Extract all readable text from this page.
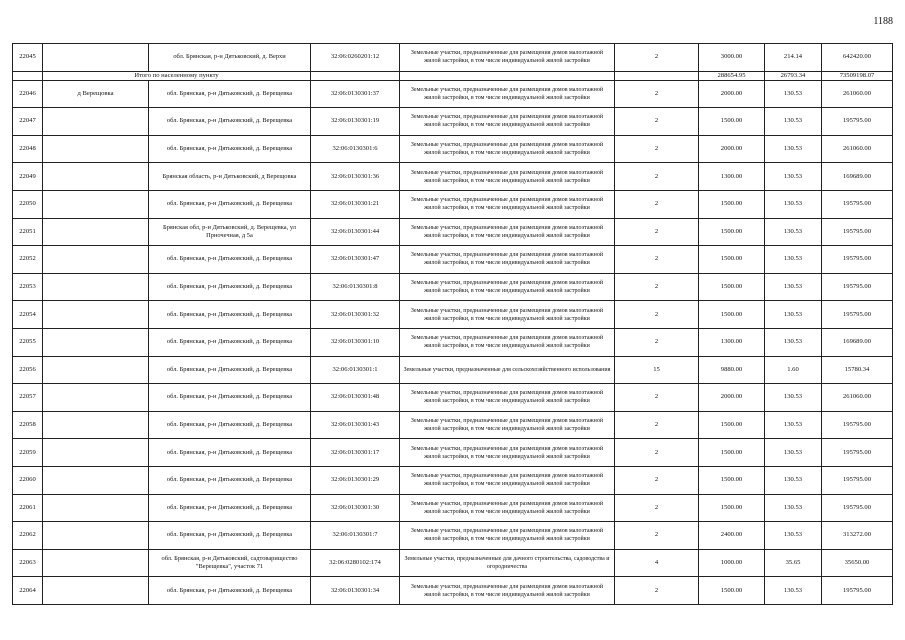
1188
22045		обл. Брянская, р-н Дятьковский, д. Верхи	32:06:0260201:12	Земельные участки, предназначенные для размещения домов малоэтажной жилой застройки, в том числе индивидуальной жилой застройки	2	3000.00	214.14	642420.00
	Итого по населенному пункту					288654.95	26793.34	73509198.07
22046	д Верещовка	обл. Брянская, р-н Дятьковский, д. Верещевка	32:06:0130301:37	Земельные участки, предназначенные для размещения домов малоэтажной жилой застройки, в том числе индивидуальной жилой застройки	2	2000.00	130.53	261060.00
22047		обл. Брянская, р-н Дятьковский, д. Верещевка	32:06:0130301:19	Земельные участки, предназначенные для размещения домов малоэтажной жилой застройки, в том числе индивидуальной жилой застройки	2	1500.00	130.53	195795.00
22048		обл. Брянская, р-н Дятьковский, д. Верещевка	32:06:0130301:6	Земельные участки, предназначенные для размещения домов малоэтажной жилой застройки, в том числе индивидуальной жилой застройки	2	2000.00	130.53	261060.00
22049		Брянская область, р-н Дятьковский, д Верещовка	32:06:0130301:36	Земельные участки, предназначенные для размещения домов малоэтажной жилой застройки, в том числе индивидуальной жилой застройки	2	1300.00	130.53	169689.00
22050		обл. Брянская, р-н Дятьковский, д. Верещевка	32:06:0130301:21	Земельные участки, предназначенные для размещения домов малоэтажной жилой застройки, в том числе индивидуальной жилой застройки	2	1500.00	130.53	195795.00
22051		Брянская обл, р-н Дятьковский, д. Верещевка, ул Прночечная, д 5а	32:06:0130301:44	Земельные участки, предназначенные для размещения домов малоэтажной жилой застройки, в том числе индивидуальной жилой застройки	2	1500.00	130.53	195795.00
22052		обл. Брянская, р-н Дятьковский, д. Верещевка	32:06:0130301:47	Земельные участки, предназначенные для размещения домов малоэтажной жилой застройки, в том числе индивидуальной жилой застройки	2	1500.00	130.53	195795.00
22053		обл. Брянская, р-н Дятьковский, д. Верещевка	32:06:0130301:8	Земельные участки, предназначенные для размещения домов малоэтажной жилой застройки, в том числе индивидуальной жилой застройки	2	1500.00	130.53	195795.00
22054		обл. Брянская, р-н Дятьковский, д. Верещевка	32:06:0130301:32	Земельные участки, предназначенные для размещения домов малоэтажной жилой застройки, в том числе индивидуальной жилой застройки	2	1500.00	130.53	195795.00
22055		обл. Брянская, р-н Дятьковский, д. Верещевка	32:06:0130301:10	Земельные участки, предназначенные для размещения домов малоэтажной жилой застройки, в том числе индивидуальной жилой застройки	2	1300.00	130.53	169689.00
22056		обл. Брянская, р-н Дятьковский, д. Верещевка	32:06:0130301:1	Земельные участки, предназначенные для сельскохозяйственного использования	15	9880.00	1.60	15780.34
22057		обл. Брянская, р-н Дятьковский, д. Верещевка	32:06:0130301:48	Земельные участки, предназначенные для размещения домов малоэтажной жилой застройки, в том числе индивидуальной жилой застройки	2	2000.00	130.53	261060.00
22058		обл. Брянская, р-н Дятьковский, д. Верещевка	32:06:0130301:43	Земельные участки, предназначенные для размещения домов малоэтажной жилой застройки, в том числе индивидуальной жилой застройки	2	1500.00	130.53	195795.00
22059		обл. Брянская, р-н Дятьковский, д. Верещевка	32:06:0130301:17	Земельные участки, предназначенные для размещения домов малоэтажной жилой застройки, в том числе индивидуальной жилой застройки	2	1500.00	130.53	195795.00
22060		обл. Брянская, р-н Дятьковский, д. Верещевка	32:06:0130301:29	Земельные участки, предназначенные для размещения домов малоэтажной жилой застройки, в том числе индивидуальной жилой застройки	2	1500.00	130.53	195795.00
22061		обл. Брянская, р-н Дятьковский, д. Верещевка	32:06:0130301:30	Земельные участки, предназначенные для размещения домов малоэтажной жилой застройки, в том числе индивидуальной жилой застройки	2	1500.00	130.53	195795.00
22062		обл. Брянская, р-н Дятьковский, д. Верещевка	32:06:0130301:7	Земельные участки, предназначенные для размещения домов малоэтажной жилой застройки, в том числе индивидуальной жилой застройки	2	2400.00	130.53	313272.00
22063		обл. Брянская, р-н Дятьковский, садтоварищество "Верещевка", участок 71	32:06:0280102:174	Земельные участки, предназначенные для дачного строительства, садоводства и огородничества	4	1000.00	35.65	35650.00
22064		обл. Брянская, р-н Дятьковский, д. Верещевка	32:06:0130301:34	Земельные участки, предназначенные для размещения домов малоэтажной жилой застройки, в том числе индивидуальной жилой застройки	2	1500.00	130.53	195795.00
